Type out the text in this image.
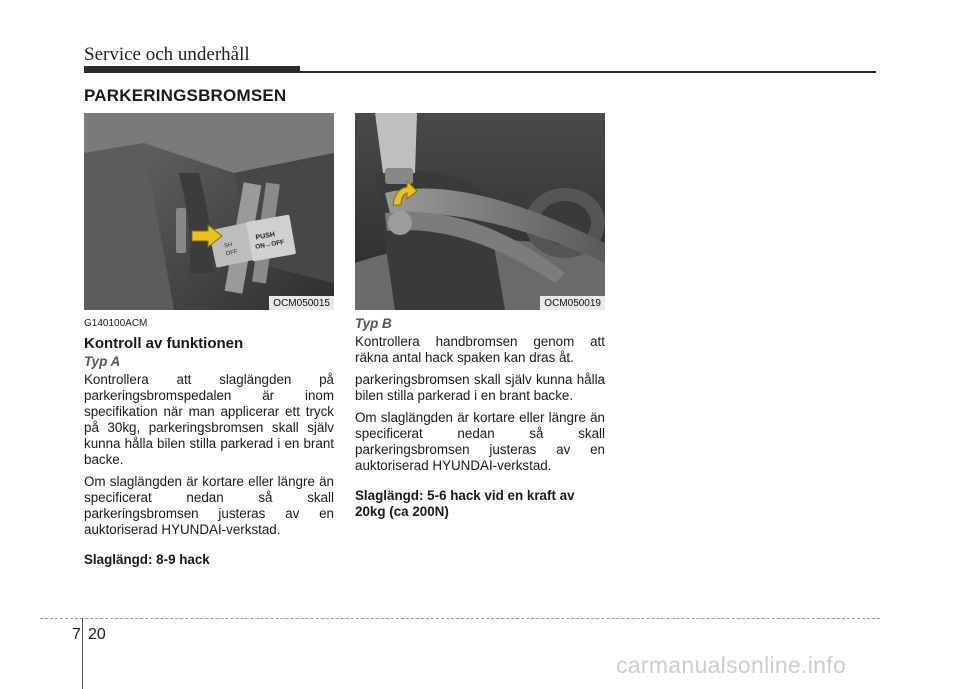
Service och underhåll
PARKERINGSBROMSEN
SH
OFF
PUSH
ON↔OFF
OCM050015	OCM050019
G140100ACM
Kontroll av funktionen
Typ A

Kontrollera att slaglängden på parkeringsbromspedalen är inom specifikation när man applicerar ett tryck på 30kg, parkeringsbromsen skall själv kunna hålla bilen stilla parkerad i en brant backe.

Om slaglängden är kortare eller längre än specificerat nedan så skall parkeringsbromsen justeras av en auktoriserad HYUNDAI-verkstad.

Slaglängd: 8-9 hack
Typ B

Kontrollera handbromsen genom att räkna antal hack spaken kan dras åt.

parkeringsbromsen skall själv kunna hålla bilen stilla parkerad i en brant backe.

Om slaglängden är kortare eller längre än specificerat nedan så skall parkeringsbromsen justeras av en auktoriserad HYUNDAI-verkstad.

Slaglängd: 5-6 hack vid en kraft av 20kg (ca 200N)
7 20
carmanualsonline.info
